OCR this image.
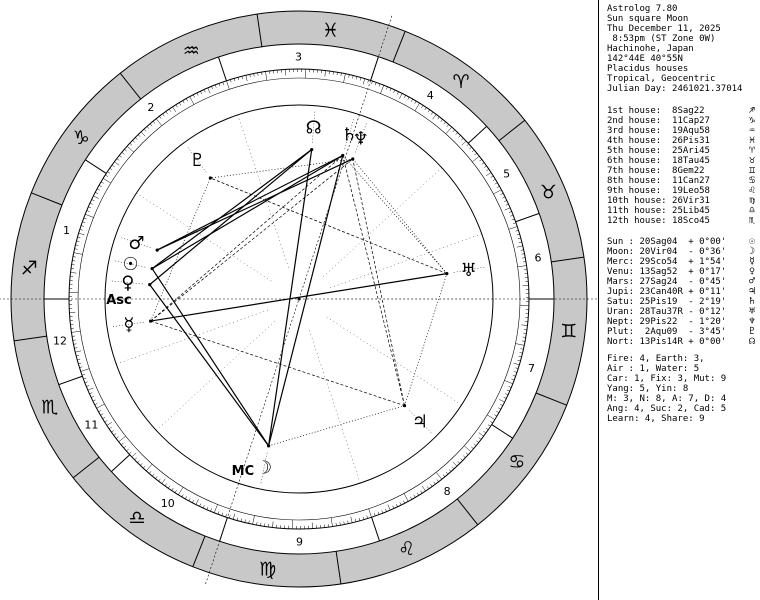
♈
♉
♊
♋
♌
♍
♎
♏
♐
♑
♒
♓
1
2
3
4
5
6
7
8
9
10
11
12
☉
☽
☿
♀
♂
♃
♄
♅
♆
♇
☊
Asc
MC
Astrolog 7.80
Sun square Moon
Thu December 11, 2025
8:53pm (ST Zone 0W)
Hachinohe, Japan
142°44E 40°55N
Placidus houses
Tropical, Geocentric
Julian Day: 2461021.37014
1st house:  8Sag22	♐
2nd house:  11Cap27	♑
3rd house:  19Aqu58	♒
4th house:  26Pis31	♓
5th house:  25Ari45	♈
6th house:  18Tau45	♉
7th house:  8Gem22	♊
8th house:  11Can27	♋
9th house:  19Leo58	♌
10th house: 26Vir31	♍
11th house: 25Lib45	♎
12th house: 18Sco45	♏
Sun : 20Sag04  + 0°00' ☉
Moon: 20Vir04  - 0°36' ☽
Merc: 29Sco54  + 1°54' ☿
Venu: 13Sag52  + 0°17' ♀
Mars: 27Sag24  - 0°45' ♂
Jupi: 23Can40R + 0°11' ♃
Satu: 25Pis19  - 2°19' ♄
Uran: 28Tau37R - 0°12' ♅
Nept: 29Pis22  - 1°20' ♆
Plut:  2Aqu09  - 3°45' ♇
Nort: 13Pis14R + 0°00' ☊
Fire: 4, Earth: 3,
Air : 1, Water: 5
Car: 1, Fix: 3, Mut: 9
Yang: 5, Yin: 8
M: 3, N: 8, A: 7, D: 4
Ang: 4, Suc: 2, Cad: 5
Learn: 4, Share: 9
